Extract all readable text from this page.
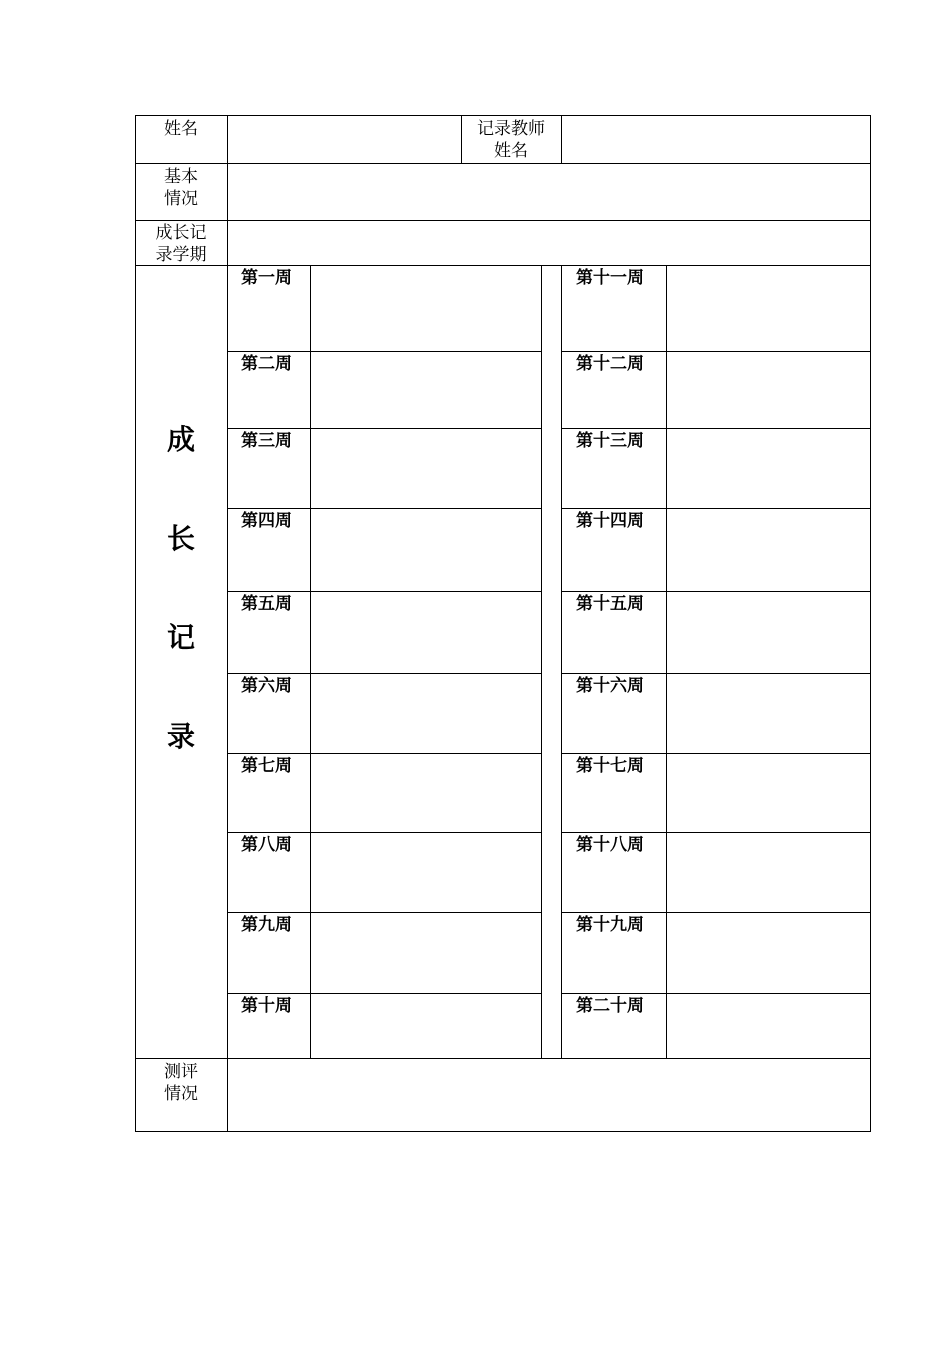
姓名	记录教师
姓名
基本
情况
成长记
录学期
成
长
记
录
第一周	第十一周
第二周	第十二周
第三周	第十三周
第四周	第十四周
第五周	第十五周
第六周	第十六周
第七周	第十七周
第八周	第十八周
第九周	第十九周
第十周	第二十周
测评
情况
